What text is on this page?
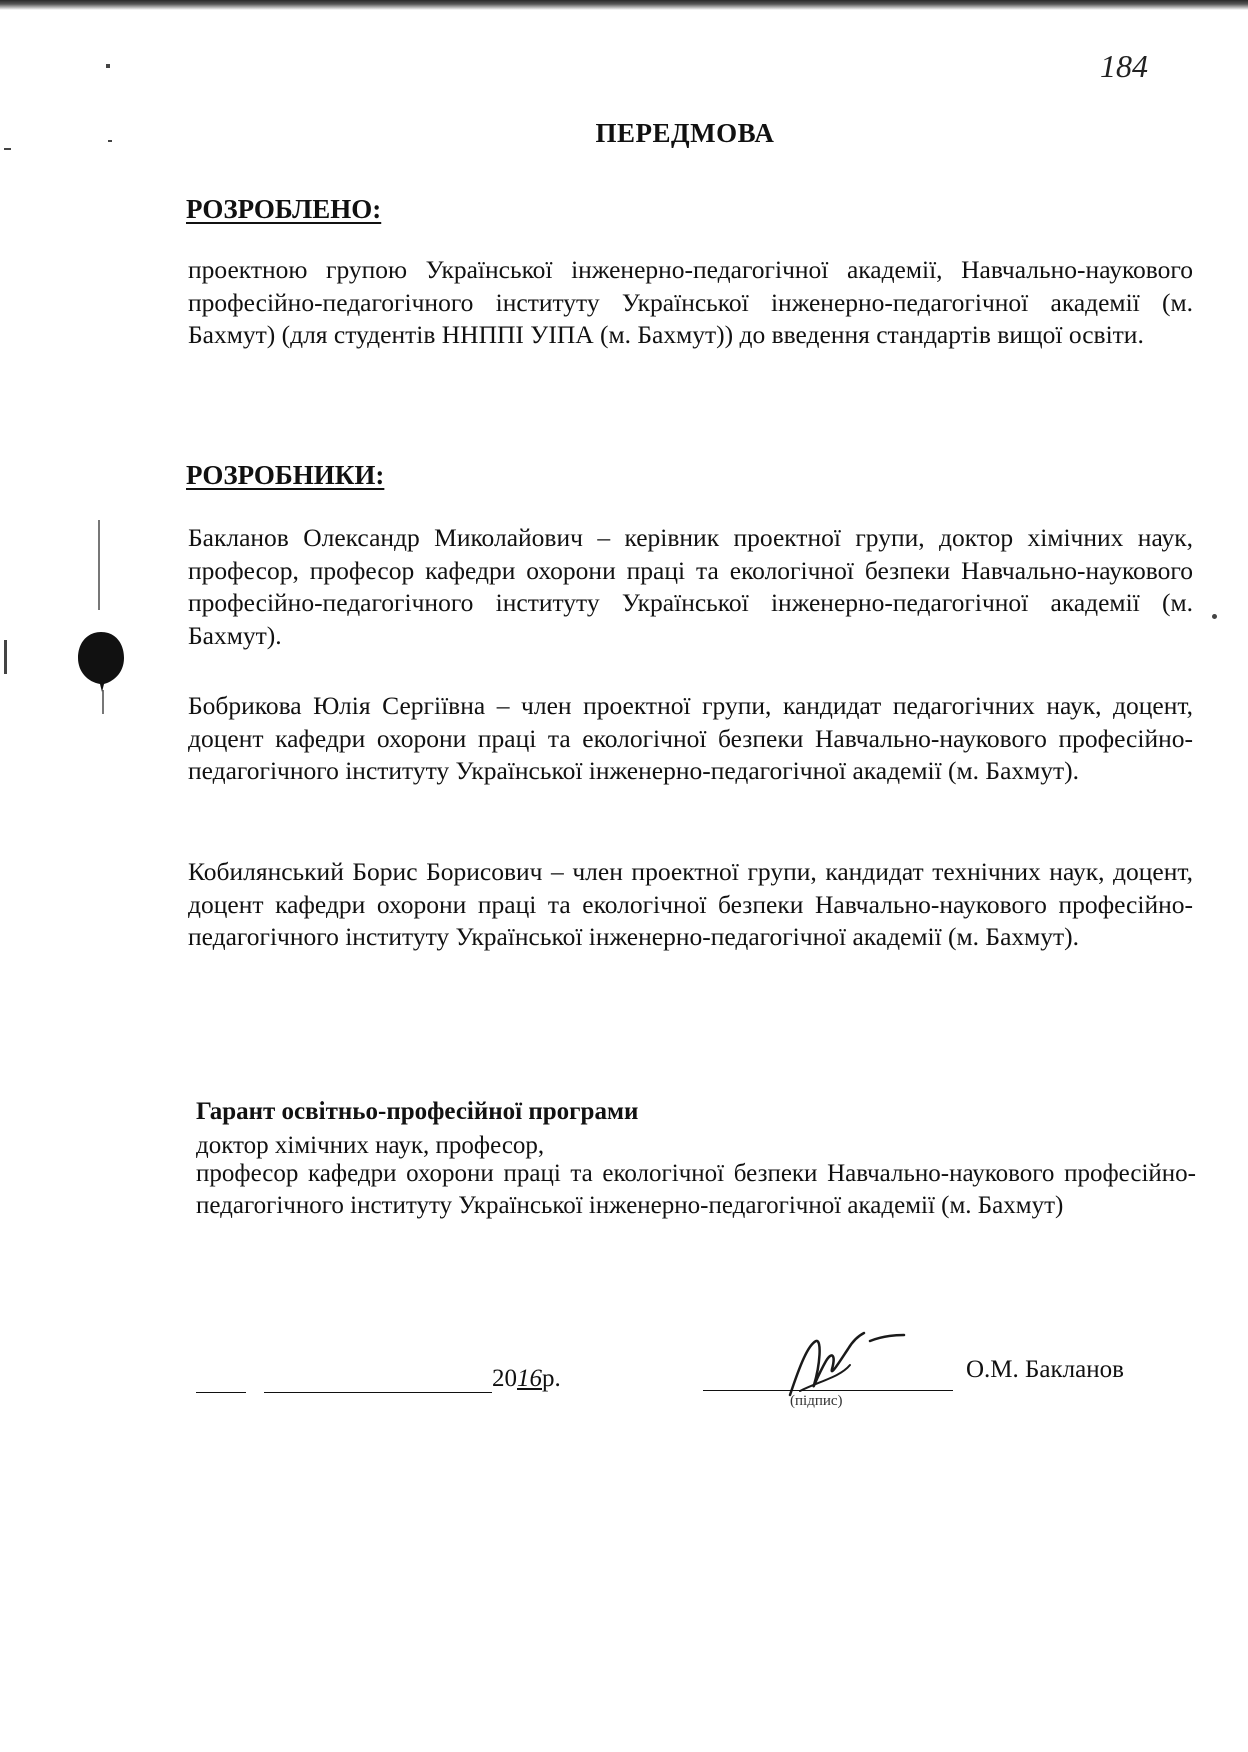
184
ПЕРЕДМОВА
РОЗРОБЛЕНО:

проектною групою Української інженерно-педагогічної академії, Навчально-наукового професійно-педагогічного інституту Української інженерно-педагогічної академії (м. Бахмут) (для студентів ННППІ УІПА (м. Бахмут)) до введення стандартів вищої освіти.

РОЗРОБНИКИ:

Бакланов Олександр Миколайович – керівник проектної групи, доктор хімічних наук, професор, професор кафедри охорони праці та екологічної безпеки Навчально-наукового професійно-педагогічного інституту Української інженерно-педагогічної академії (м. Бахмут).

Бобрикова Юлія Сергіївна – член проектної групи, кандидат педагогічних наук, доцент, доцент кафедри охорони праці та екологічної безпеки Навчально-наукового професійно-педагогічного інституту Української інженерно-педагогічної академії (м. Бахмут).

Кобилянський Борис Борисович – член проектної групи, кандидат технічних наук, доцент, доцент кафедри охорони праці та екологічної безпеки Навчально-наукового професійно-педагогічного інституту Української інженерно-педагогічної академії (м. Бахмут).

Гарант освітньо-професійної програми
доктор хімічних наук, професор,

професор кафедри охорони праці та екологічної безпеки Навчально-наукового професійно-педагогічного інституту Української інженерно-педагогічної академії (м. Бахмут)

20 16 р.
(підпис)
О.М. Бакланов
